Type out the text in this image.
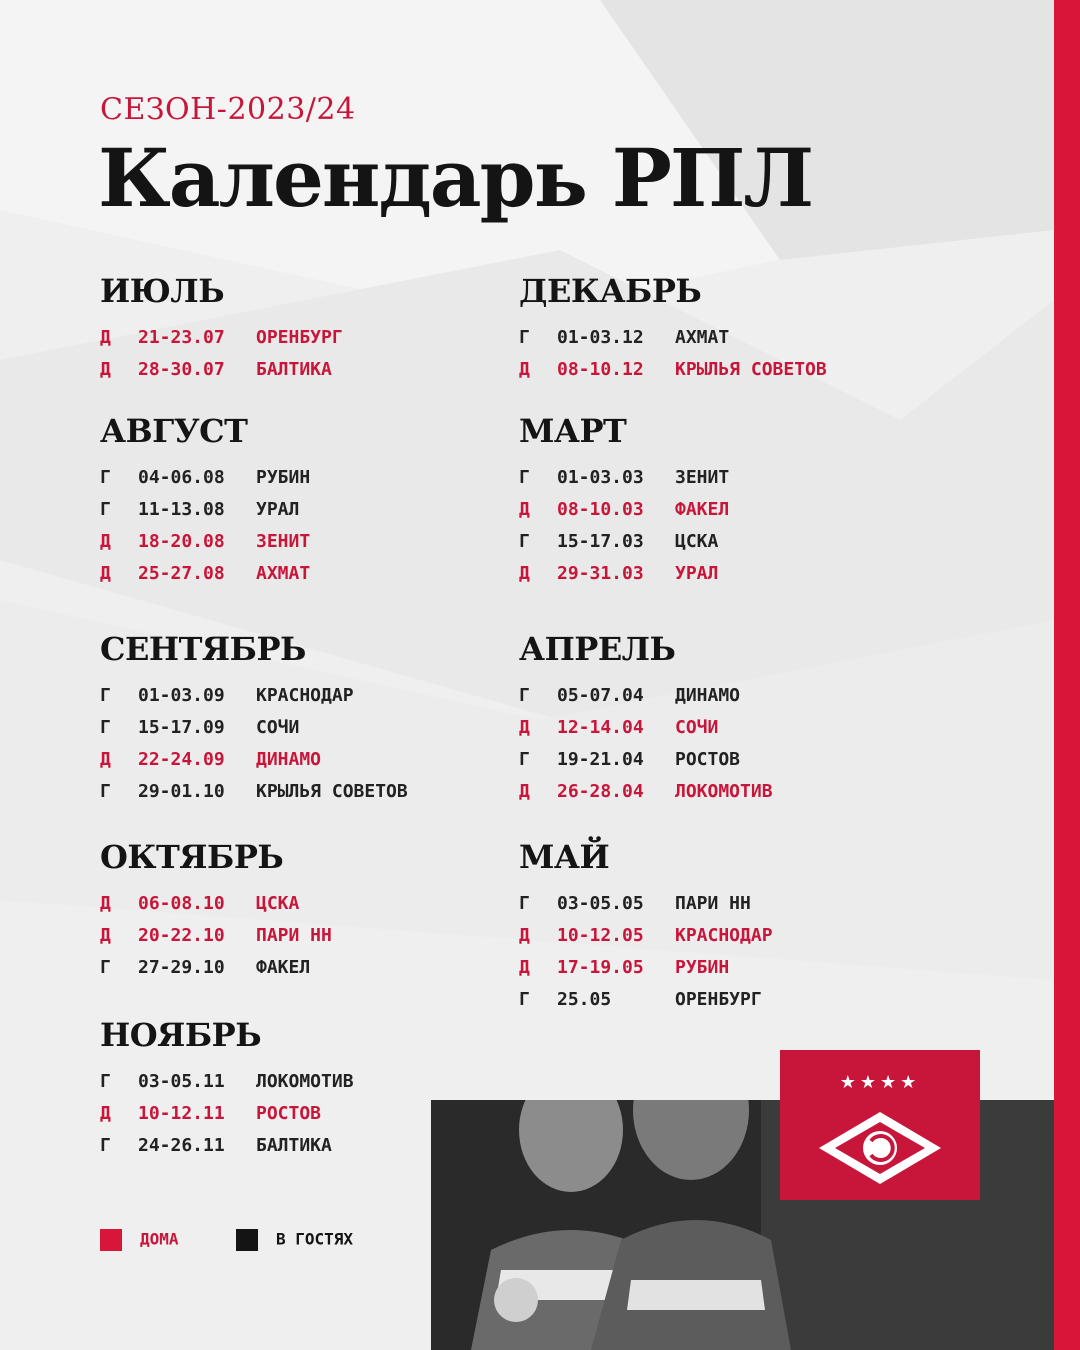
СЕЗОН-2023/24
Календарь РПЛ
ИЮЛЬ
Д 21-23.07 ОРЕНБУРГ
Д 28-30.07 БАЛТИКА
АВГУСТ
Г 04-06.08 РУБИН
Г 11-13.08 УРАЛ
Д 18-20.08 ЗЕНИТ
Д 25-27.08 АХМАТ
СЕНТЯБРЬ
Г 01-03.09 КРАСНОДАР
Г 15-17.09 СОЧИ
Д 22-24.09 ДИНАМО
Г 29-01.10 КРЫЛЬЯ СОВЕТОВ
ОКТЯБРЬ
Д 06-08.10 ЦСКА
Д 20-22.10 ПАРИ НН
Г 27-29.10 ФАКЕЛ
НОЯБРЬ
Г 03-05.11 ЛОКОМОТИВ
Д 10-12.11 РОСТОВ
Г 24-26.11 БАЛТИКА
ДЕКАБРЬ
Г 01-03.12 АХМАТ
Д 08-10.12 КРЫЛЬЯ СОВЕТОВ
МАРТ
Г 01-03.03 ЗЕНИТ
Д 08-10.03 ФАКЕЛ
Г 15-17.03 ЦСКА
Д 29-31.03 УРАЛ
АПРЕЛЬ
Г 05-07.04 ДИНАМО
Д 12-14.04 СОЧИ
Г 19-21.04 РОСТОВ
Д 26-28.04 ЛОКОМОТИВ
МАЙ
Г 03-05.05 ПАРИ НН
Д 10-12.05 КРАСНОДАР
Д 17-19.05 РУБИН
Г 25.05	ОРЕНБУРГ
ДОМА	В ГОСТЯХ
★★★★
